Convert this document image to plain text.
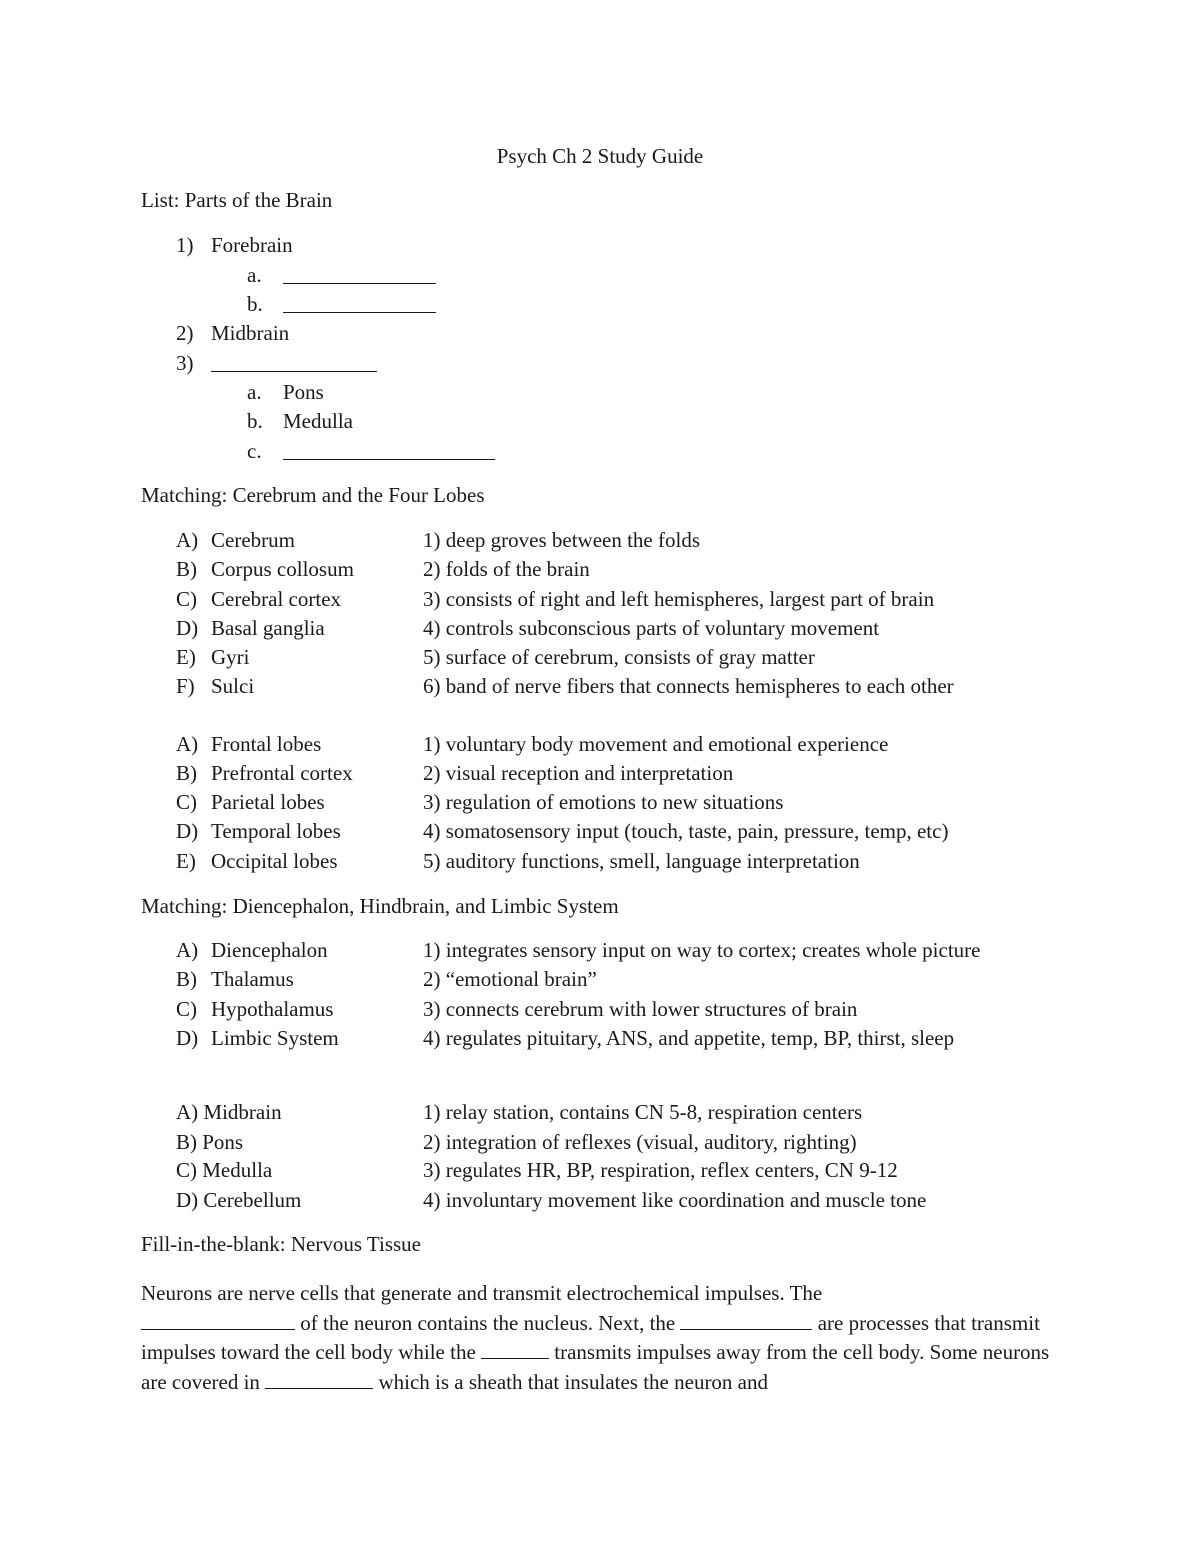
Psych Ch 2 Study Guide
List: Parts of the Brain
1) Forebrain
a.
b.
2) Midbrain
3)
a. Pons
b. Medulla
c.
Matching: Cerebrum and the Four Lobes
A) Cerebrum	1) deep groves between the folds
B) Corpus collosum	2) folds of the brain
C) Cerebral cortex	3) consists of right and left hemispheres, largest part of brain
D) Basal ganglia	4) controls subconscious parts of voluntary movement
E) Gyri	5) surface of cerebrum, consists of gray matter
F) Sulci	6) band of nerve fibers that connects hemispheres to each other
A) Frontal lobes	1) voluntary body movement and emotional experience
B) Prefrontal cortex	2) visual reception and interpretation
C) Parietal lobes	3) regulation of emotions to new situations
D) Temporal lobes	4) somatosensory input (touch, taste, pain, pressure, temp, etc)
E) Occipital lobes	5) auditory functions, smell, language interpretation
Matching: Diencephalon, Hindbrain, and Limbic System
A) Diencephalon	1) integrates sensory input on way to cortex; creates whole picture
B) Thalamus	2) “emotional brain”
C) Hypothalamus	3) connects cerebrum with lower structures of brain
D) Limbic System	4) regulates pituitary, ANS, and appetite, temp, BP, thirst, sleep
A) Midbrain	1) relay station, contains CN 5-8, respiration centers
B) Pons	2) integration of reflexes (visual, auditory, righting)
C) Medulla	3) regulates HR, BP, respiration, reflex centers, CN 9-12
D) Cerebellum	4) involuntary movement like coordination and muscle tone
Fill-in-the-blank: Nervous Tissue
Neurons are nerve cells that generate and transmit electrochemical impulses. The
of the neuron contains the nucleus. Next, the	are processes that transmit impulses toward the cell body while the	transmits impulses away from the cell body. Some neurons are covered in	which is a sheath that insulates the neuron and
